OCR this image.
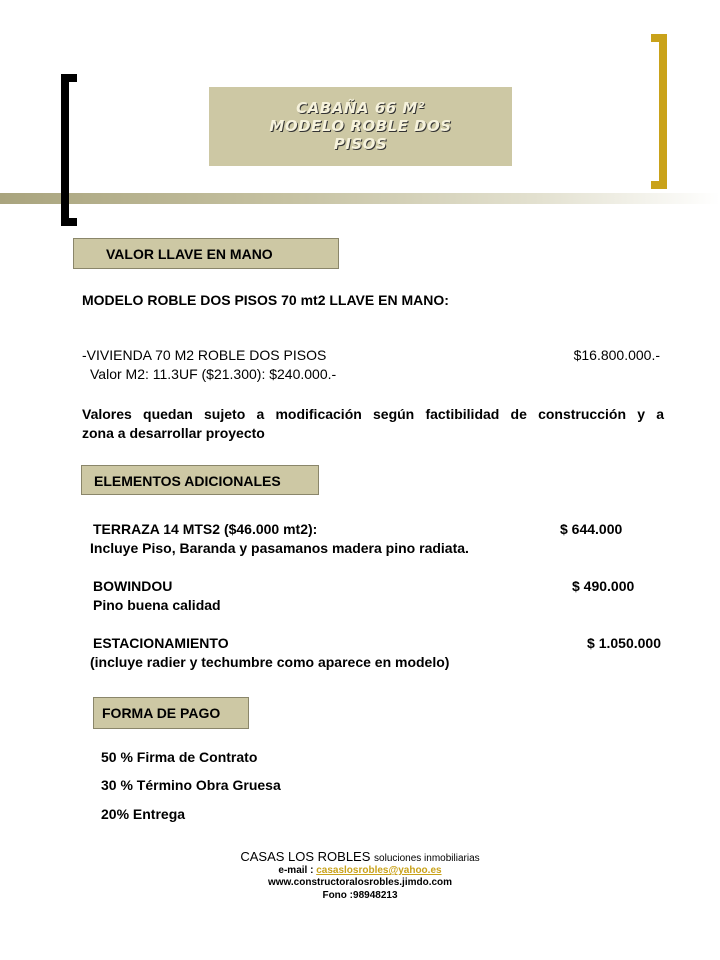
CABAÑA 66 M²
MODELO ROBLE DOS
PISOS
VALOR LLAVE EN MANO
MODELO ROBLE DOS PISOS 70 mt2 LLAVE EN MANO:
-VIVIENDA 70 M2 ROBLE DOS PISOS	$16.800.000.-
Valor M2: 11.3UF ($21.300): $240.000.-
Valores quedan sujeto a modificación según factibilidad de construcción y a
zona a desarrollar proyecto
ELEMENTOS ADICIONALES
TERRAZA 14 MTS2 ($46.000 mt2):	$ 644.000
Incluye Piso, Baranda y pasamanos madera pino radiata.
BOWINDOU	$ 490.000
Pino buena calidad
ESTACIONAMIENTO	$ 1.050.000
(incluye radier y techumbre como aparece en modelo)
FORMA DE PAGO
50 % Firma de Contrato
30 % Término Obra Gruesa
20% Entrega
CASAS LOS ROBLES soluciones inmobiliarias
e-mail : casaslosrobles@yahoo.es
www.constructoralosrobles.jimdo.com
Fono :98948213
